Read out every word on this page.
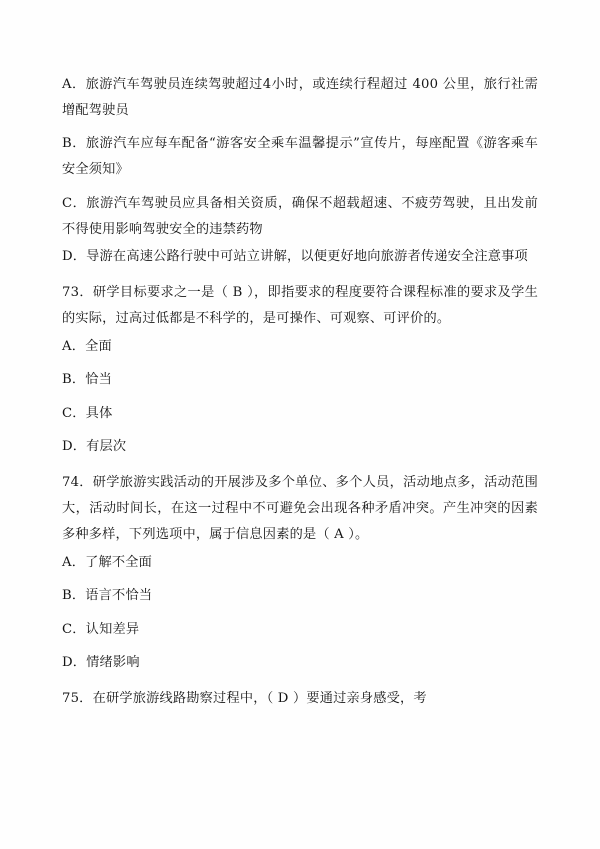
A．旅游汽车驾驶员连续驾驶超过4小时，或连续行程超过 400 公里，旅行社需增配驾驶员

B．旅游汽车应每车配备“游客安全乘车温馨提示”宣传片，每座配置《游客乘车安全须知》

C．旅游汽车驾驶员应具备相关资质，确保不超载超速、不疲劳驾驶，且出发前不得使用影响驾驶安全的违禁药物

D．导游在高速公路行驶中可站立讲解，以便更好地向旅游者传递安全注意事项

73．研学目标要求之一是（ B ），即指要求的程度要符合课程标准的要求及学生的实际，过高过低都是不科学的，是可操作、可观察、可评价的。

A．全面

B．恰当

C．具体

D．有层次

74．研学旅游实践活动的开展涉及多个单位、多个人员，活动地点多，活动范围大，活动时间长，在这一过程中不可避免会出现各种矛盾冲突。产生冲突的因素多种多样，下列选项中，属于信息因素的是（ A ）。

A．了解不全面

B．语言不恰当

C．认知差异

D．情绪影响

75．在研学旅游线路勘察过程中，（ D ）要通过亲身感受，考
